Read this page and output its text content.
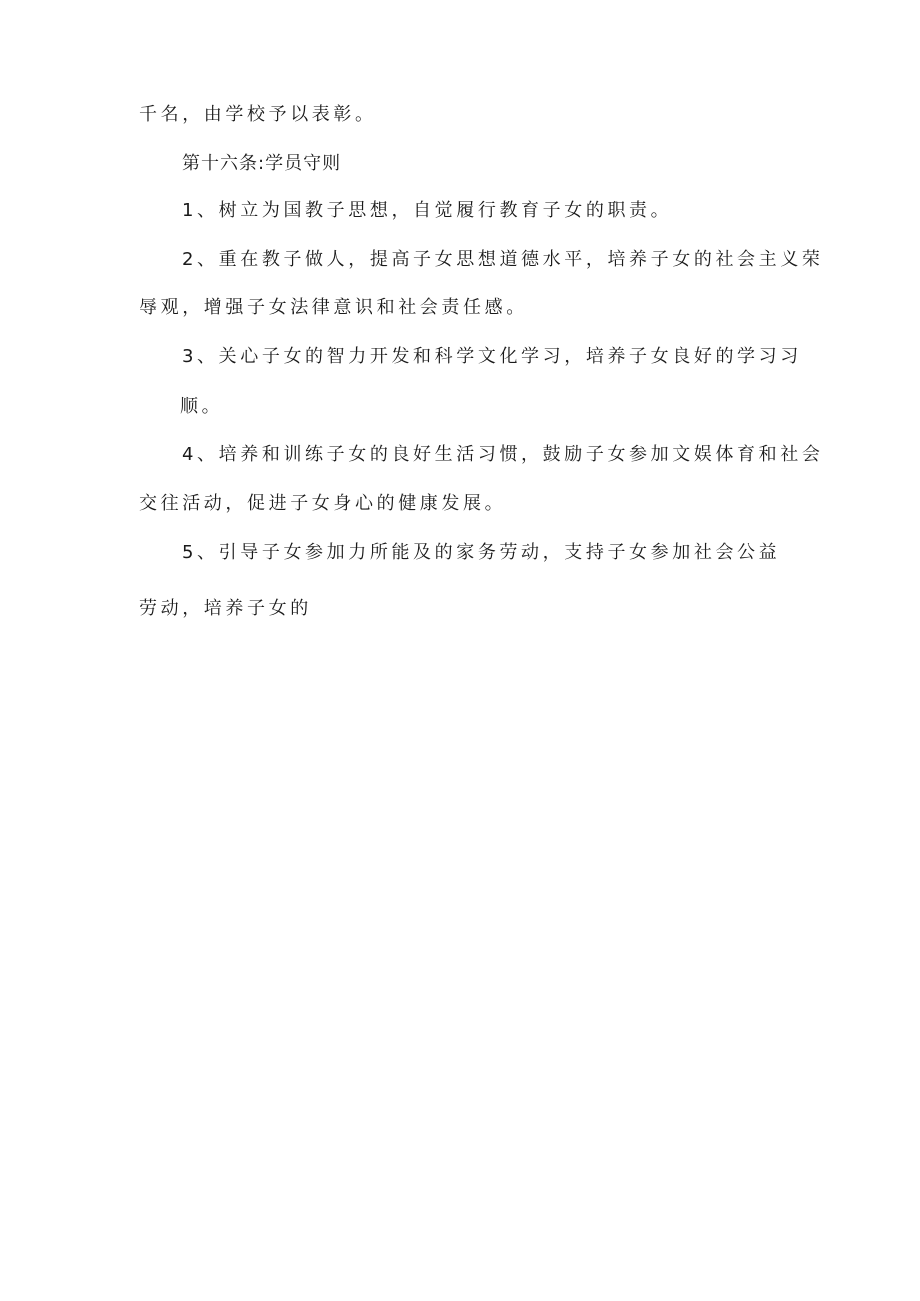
千名，由学校予以表彰。
第十六条:学员守则
1、树立为国教子思想，自觉履行教育子女的职责。
2、重在教子做人，提高子女思想道德水平，培养子女的社会主义荣
辱观，增强子女法律意识和社会责任感。
3、关心子女的智力开发和科学文化学习，培养子女良好的学习习
顺。
4、培养和训练子女的良好生活习惯，鼓励子女参加文娱体育和社会
交往活动，促进子女身心的健康发展。
5、引导子女参加力所能及的家务劳动，支持子女参加社会公益
劳动，培养子女的
